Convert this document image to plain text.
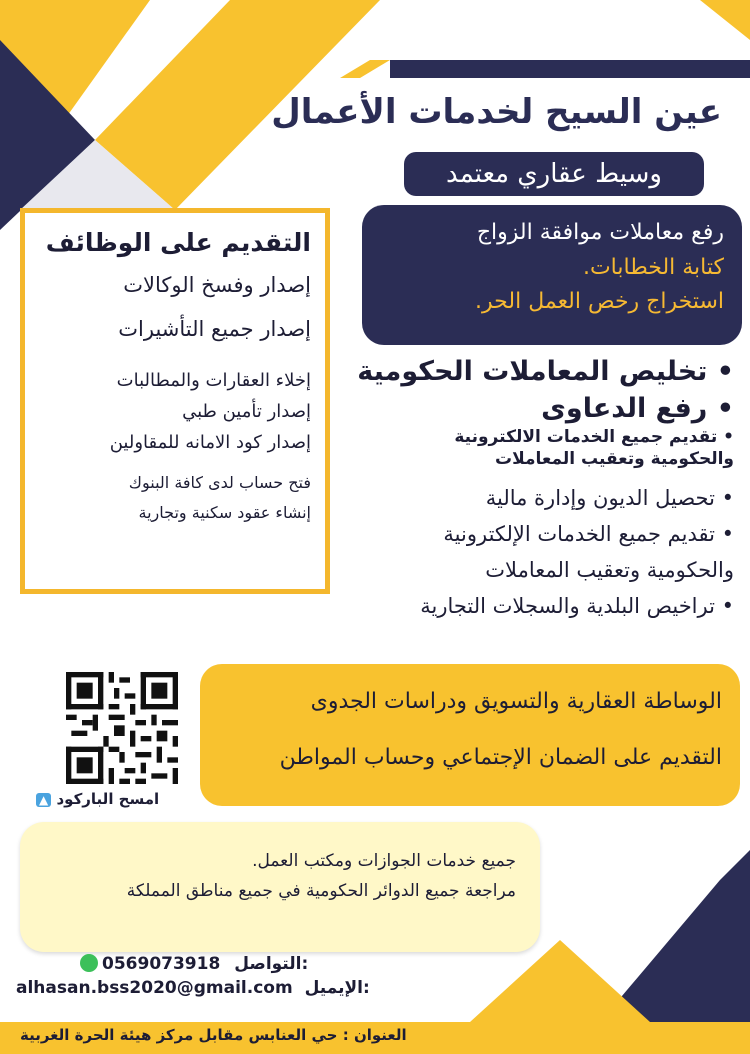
عين السيح لخدمات الأعمال
وسيط عقاري معتمد
رفع معاملات موافقة الزواج
كتابة الخطابات.
استخراج رخص العمل الحر.
التقديم على الوظائف
إصدار وفسخ الوكالات
إصدار جميع التأشيرات
إخلاء العقارات والمطالبات
إصدار تأمين طبي
إصدار كود الامانه للمقاولين
فتح حساب لدى كافة البنوك
إنشاء عقود سكنية وتجارية
• تخليص المعاملات الحكومية
• رفع الدعاوى
• تقديم جميع الخدمات الالكترونية
والحكومية وتعقيب المعاملات
• تحصيل الديون وإدارة مالية
• تقديم جميع الخدمات الإلكترونية
والحكومية وتعقيب المعاملات
• تراخيص البلدية والسجلات التجارية
الوساطة العقارية والتسويق ودراسات الجدوى
التقديم على الضمان الإجتماعي وحساب المواطن
امسح الباركود ▲
جميع خدمات الجوازات ومكتب العمل.
مراجعة جميع الدوائر الحكومية في جميع مناطق المملكة
0569073918 التواصل:
alhasan.bss2020@gmail.com الإيميل:
العنوان : حي العنابس مقابل مركز هيئة الحرة الغربية
